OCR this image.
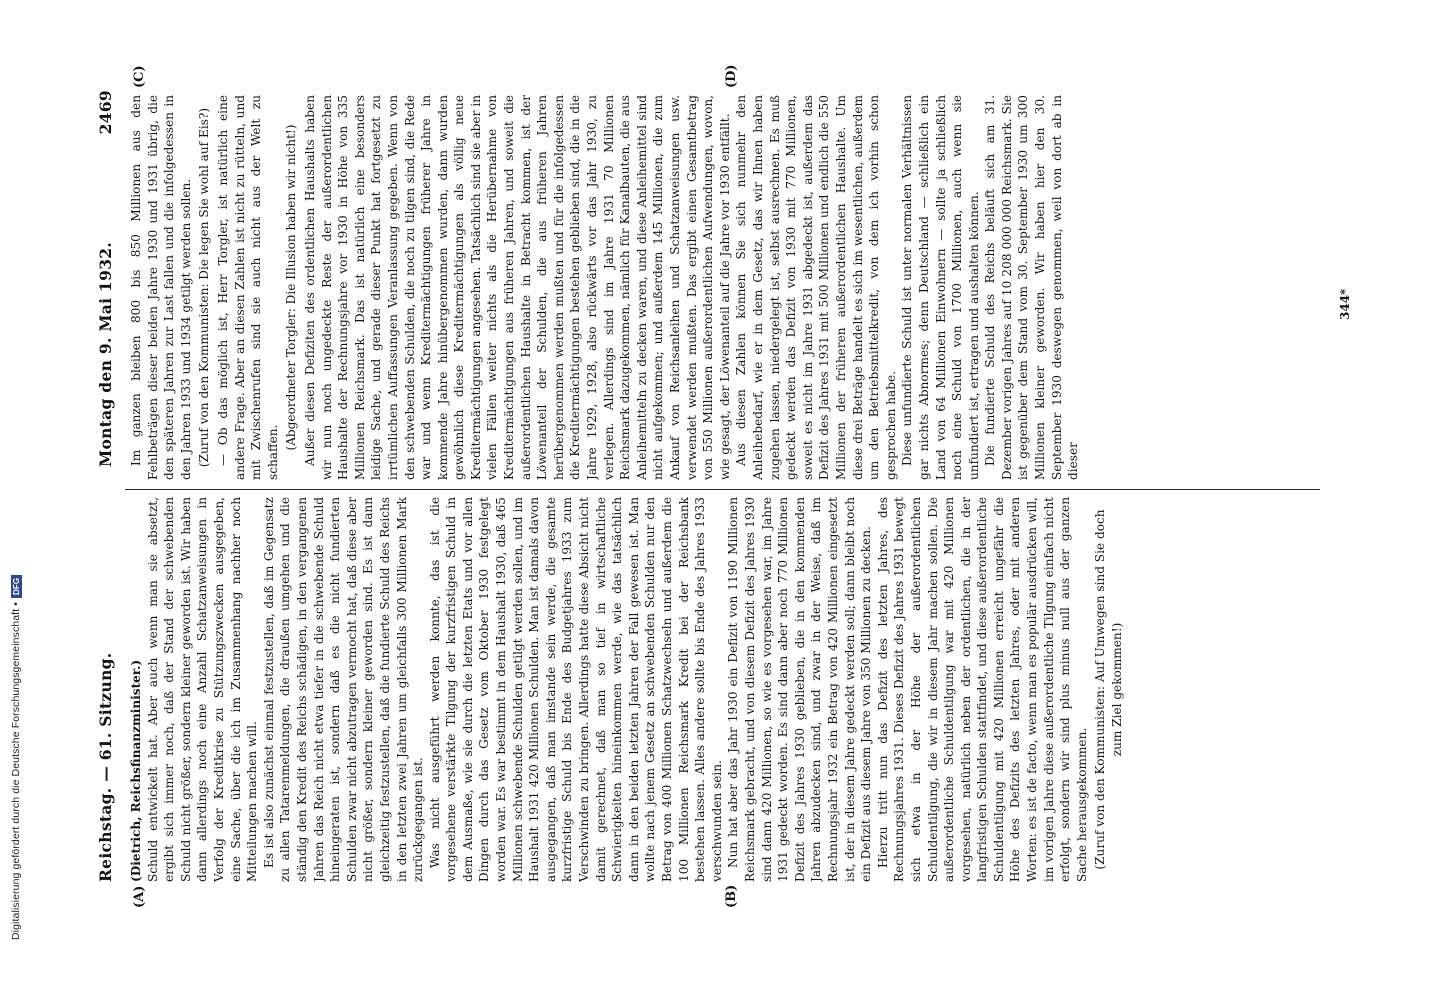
Digitalisierung gefördert durch die Deutsche Forschungsgemeinschaft •DFG
Reichstag. — 61. Sitzung.
Montag den 9. Mai 1932.
2469
(A)	(B)
(C)	(D)

(Dietrich, Reichsfinanzminister.) Schuld entwickelt hat. Aber auch wenn man sie absetzt, ergibt sich immer noch, daß der Stand der schwebenden Schuld nicht größer, sondern kleiner geworden ist. Wir haben dann allerdings noch eine Anzahl Schatzanweisungen in Verfolg der Kreditkrise zu Stützungszwecken ausgegeben, eine Sache, über die ich im Zusammenhang nachher noch Mitteilungen machen will. Es ist also zunächst einmal festzustellen, daß im Gegensatz zu allen Tatarenmeldungen, die draußen umgehen und die ständig den Kredit des Reichs schädigen, in den vergangenen Jahren das Reich nicht etwa tiefer in die schwebende Schuld hineingeraten ist, sondern daß es die nicht fundierten Schulden zwar nicht abzutragen vermocht hat, daß diese aber nicht größer, sondern kleiner geworden sind. Es ist dann gleichzeitig festzustellen, daß die fundierte Schuld des Reichs in den letzten zwei Jahren um gleichfalls 300 Millionen Mark zurückgegangen ist. Was nicht ausgeführt werden konnte, das ist die vorgesehene verstärkte Tilgung der kurzfristigen Schuld in dem Ausmaße, wie sie durch die letzten Etats und vor allen Dingen durch das Gesetz vom Oktober 1930 festgelegt worden war. Es war bestimmt in dem Haushalt 1930, daß 465 Millionen schwebende Schulden getilgt werden sollen, und im Haushalt 1931 420 Millionen Schulden. Man ist damals davon ausgegangen, daß man imstande sein werde, die gesamte kurzfristige Schuld bis Ende des Budgetjahres 1933 zum Verschwinden zu bringen. Allerdings hatte diese Absicht nicht damit gerechnet, daß man so tief in wirtschaftliche Schwierigkeiten hineinkommen werde, wie das tatsächlich dann in den beiden letzten Jahren der Fall gewesen ist. Man wollte nach jenem Gesetz an schwebenden Schulden nur den Betrag von 400 Millionen Schatzwechseln und außerdem die 100 Millionen Reichsmark Kredit bei der Reichsbank bestehen lassen. Alles andere sollte bis Ende des Jahres 1933 verschwunden sein. Nun hat aber das Jahr 1930 ein Defizit von 1190 Millionen Reichsmark gebracht, und von diesem Defizit des Jahres 1930 sind dann 420 Millionen, so wie es vorgesehen war, im Jahre 1931 gedeckt worden. Es sind dann aber noch 770 Millionen Defizit des Jahres 1930 geblieben, die in den kommenden Jahren abzudecken sind, und zwar in der Weise, daß im Rechnungsjahr 1932 ein Betrag von 420 Millionen eingesetzt ist, der in diesem Jahre gedeckt werden soll; dann bleibt noch ein Defizit aus diesem Jahre von 350 Millionen zu decken. Hierzu tritt nun das Defizit des letzten Jahres, des Rechnungsjahres 1931. Dieses Defizit des Jahres 1931 bewegt sich etwa in der Höhe der außerordentlichen Schuldentilgung, die wir in diesem Jahr machen sollen. Die außerordentliche Schuldentilgung war mit 420 Millionen vorgesehen, natürlich neben der ordentlichen, die in der langfristigen Schulden stattfindet, und diese außerordentliche Schuldentilgung mit 420 Millionen erreicht ungefähr die Höhe des Defizits des letzten Jahres, oder mit anderen Worten: es ist de facto, wenn man es populär ausdrücken will, im vorigen Jahre diese außerordentliche Tilgung einfach nicht erfolgt, sondern wir sind plus minus null aus der ganzen Sache herausgekommen. (Zuruf von den Kommunisten: Auf Umwegen sind Sie doch zum Ziel gekommen!)

Im ganzen bleiben 800 bis 850 Millionen aus den Fehlbeträgen dieser beiden Jahre 1930 und 1931 übrig, die den späteren Jahren zur Last fallen und die infolgedessen in den Jahren 1933 und 1934 getilgt werden sollen. (Zuruf von den Kommunisten: Die legen Sie wohl auf Eis?) — Ob das möglich ist, Herr Torgler, ist natürlich eine andere Frage. Aber an diesen Zahlen ist nicht zu rütteln, und mit Zwischenrufen sind sie auch nicht aus der Welt zu schaffen.

(Abgeordneter Torgler: Die Illusion haben wir nicht!) Außer diesen Defiziten des ordentlichen Haushalts haben wir nun noch ungedeckte Reste der außerordentlichen Haushalte der Rechnungsjahre vor 1930 in Höhe von 335 Millionen Reichsmark. Das ist natürlich eine besonders leidige Sache, und gerade dieser Punkt hat fortgesetzt zu irrtümlichen Auffassungen Veranlassung gegeben. Wenn von den schwebenden Schulden, die noch zu tilgen sind, die Rede war und wenn Kreditermächtigungen früherer Jahre in kommende Jahre hinübergenommen wurden, dann wurden gewöhnlich diese Kreditermächtigungen als völlig neue Kreditermächtigungen angesehen. Tatsächlich sind sie aber in vielen Fällen weiter nichts als die Herübernahme von Kreditermächtigungen aus früheren Jahren, und soweit die außerordentlichen Haushalte in Betracht kommen, ist der Löwenanteil der Schulden, die aus früheren Jahren herübergenommen werden mußten und für die infolgedessen die Kreditermächtigungen bestehen geblieben sind, die in die Jahre 1929, 1928, also rückwärts vor das Jahr 1930, zu verlegen. Allerdings sind im Jahre 1931 70 Millionen Reichsmark dazugekommen, nämlich für Kanalbauten, die aus Anleihemitteln zu decken waren, und diese Anleihemittel sind nicht aufgekommen; und außerdem 145 Millionen, die zum Ankauf von Reichsanleihen und Schatzanweisungen usw. verwendet werden mußten. Das ergibt einen Gesamtbetrag von 550 Millionen außerordentlichen Aufwendungen, wovon, wie gesagt, der Löwenanteil auf die Jahre vor 1930 entfällt. Aus diesen Zahlen können Sie sich nunmehr den Anleihebedarf, wie er in dem Gesetz, das wir Ihnen haben zugehen lassen, niedergelegt ist, selbst ausrechnen. Es muß gedeckt werden das Defizit von 1930 mit 770 Millionen, soweit es nicht im Jahre 1931 abgedeckt ist, außerdem das Defizit des Jahres 1931 mit 500 Millionen und endlich die 550 Millionen der früheren außerordentlichen Haushalte. Um diese drei Beträge handelt es sich im wesentlichen, außerdem um den Betriebsmittelkredit, von dem ich vorhin schon gesprochen habe. Diese unfundierte Schuld ist unter normalen Verhältnissen gar nichts Abnormes; denn Deutschland — schließlich ein Land von 64 Millionen Einwohnern — sollte ja schließlich noch eine Schuld von 1700 Millionen, auch wenn sie unfundiert ist, ertragen und aushalten können. Die fundierte Schuld des Reichs beläuft sich am 31. Dezember vorigen Jahres auf 10 208 000 000 Reichsmark. Sie ist gegenüber dem Stand vom 30. September 1930 um 300 Millionen kleiner geworden. Wir haben hier den 30. September 1930 deswegen genommen, weil von dort ab in dieser

344*
